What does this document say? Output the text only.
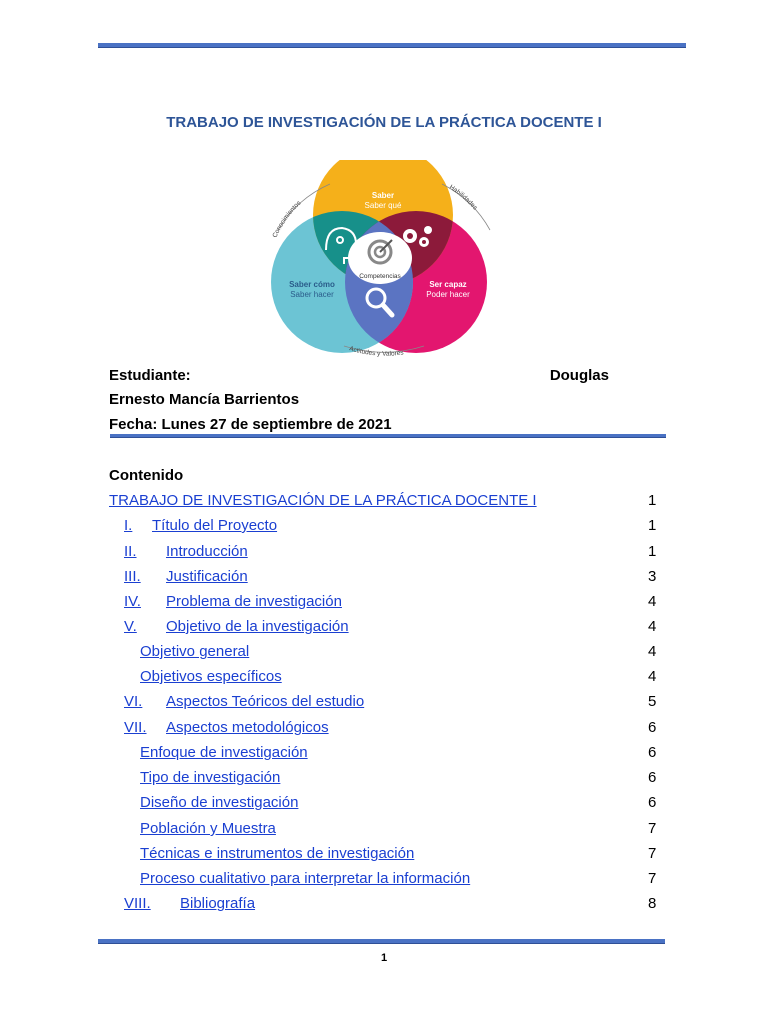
TRABAJO DE INVESTIGACIÓN DE LA PRÁCTICA DOCENTE I
Competencias
Saber
Saber qué
Saber cómo
Saber hacer
Ser capaz
Poder hacer
Conocimientos
Habilidades
Actitudes y Valores
Estudiante:	Douglas
Ernesto Mancía Barrientos
Fecha: Lunes 27 de septiembre de 2021
Contenido
TRABAJO DE INVESTIGACIÓN DE LA PRÁCTICA DOCENTE I	1
I. Título del Proyecto	1
II. Introducción	1
III. Justificación	3
IV. Problema de investigación	4
V. Objetivo de la investigación	4
Objetivo general	4
Objetivos específicos	4
VI. Aspectos Teóricos del estudio	5
VII. Aspectos metodológicos	6
Enfoque de investigación	6
Tipo de investigación	6
Diseño de investigación	6
Población y Muestra	7
Técnicas e instrumentos de investigación	7
Proceso cualitativo para interpretar la información	7
VIII. Bibliografía	8
1
